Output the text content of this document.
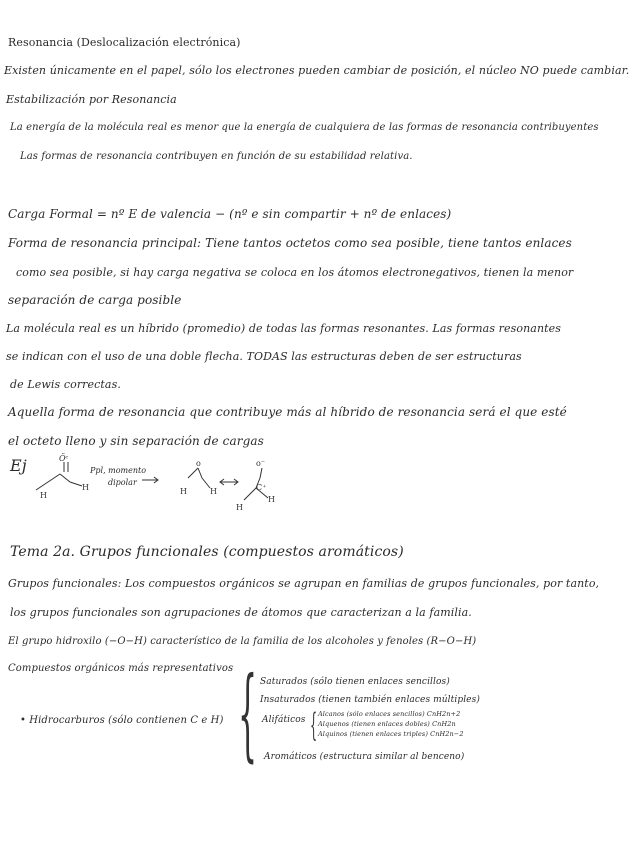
Resonancia (Deslocalización electrónica)
Existen únicamente en el papel, sólo los electrones pueden cambiar de posición, el núcleo NO puede cambiar.
Estabilización por Resonancia
La energía de la molécula real es menor que la energía de cualquiera de las formas de resonancia contribuyentes
Las formas de resonancia contribuyen en función de su estabilidad relativa.
Carga Formal = nº E de valencia − (nº e sin compartir + nº de enlaces)
Forma de resonancia principal: Tiene tantos octetos como sea posible, tiene tantos enlaces
como sea posible, si hay carga negativa se coloca en los átomos electronegativos, tienen la menor
separación de carga posible
La molécula real es un híbrido (promedio) de todas las formas resonantes. Las formas resonantes
se indican con el uso de una doble flecha. TODAS las estructuras deben de ser estructuras
de Lewis correctas.
Aquella forma de resonancia que contribuye más al híbrido de resonancia será el que esté
el octeto lleno y sin separación de cargas
Ej	Öᶜ
H
H
o
H	H
o⁻
C⁺
H
H
Ppl, momento
dipolar
Tema 2a. Grupos funcionales (compuestos aromáticos)
Grupos funcionales: Los compuestos orgánicos se agrupan en familias de grupos funcionales, por tanto,
los grupos funcionales son agrupaciones de átomos que caracterizan a la familia.
El grupo hidroxilo (−O−H) característico de la familia de los alcoholes y fenoles (R−O−H)
Compuestos orgánicos más representativos
• Hidrocarburos (sólo contienen C e H) { Saturados (sólo tienen enlaces sencillos)
Insaturados (tienen también enlaces múltiples)
Alifáticos { Alcanos (sólo enlaces sencillos) CnH2n+2
Alquenos (tienen enlaces dobles) CnH2n
Alquinos (tienen enlaces triples) CnH2n−2
Aromáticos (estructura similar al benceno)
